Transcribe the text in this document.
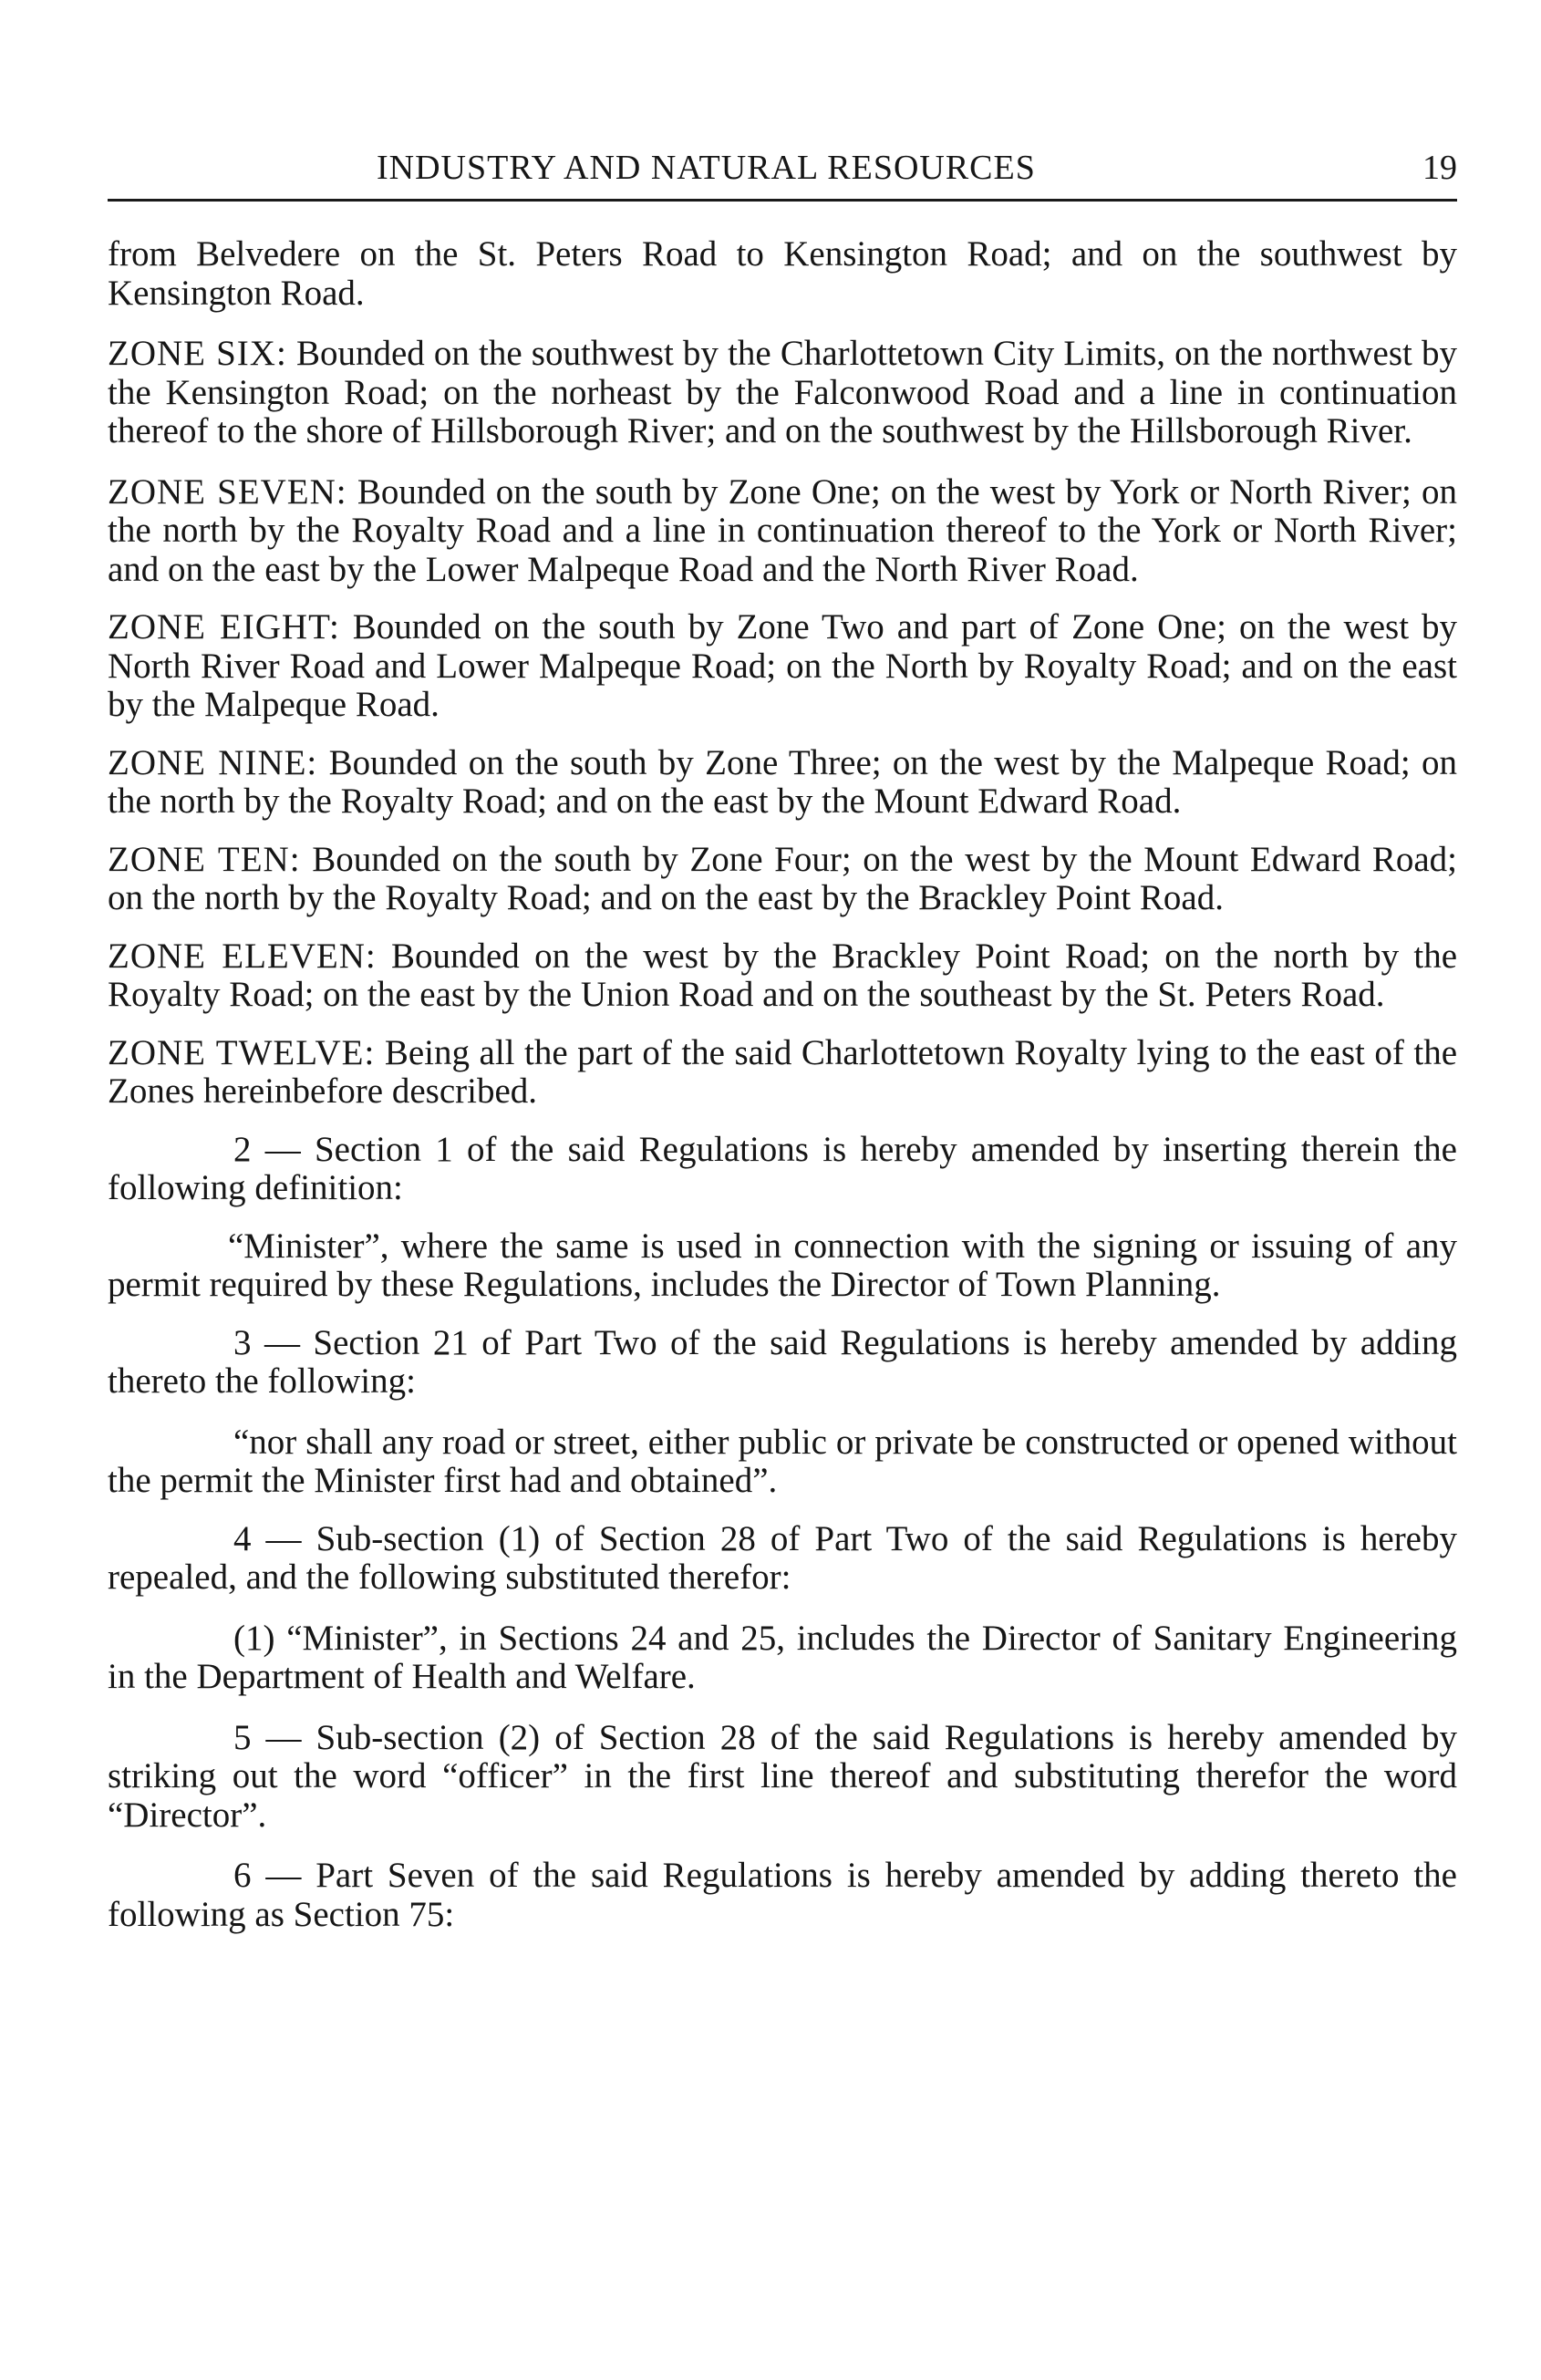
INDUSTRY AND NATURAL RESOURCES	19

from Belvedere on the St. Peters Road to Kensington Road; and on the southwest by Kensington Road.

ZONE SIX: Bounded on the southwest by the Charlottetown City Limits, on the northwest by the Kensington Road; on the norheast by the Falconwood Road and a line in continuation thereof to the shore of Hillsborough River; and on the southwest by the Hillsborough River.

ZONE SEVEN: Bounded on the south by Zone One; on the west by York or North River; on the north by the Royalty Road and a line in continuation thereof to the York or North River; and on the east by the Lower Malpeque Road and the North River Road.

ZONE EIGHT: Bounded on the south by Zone Two and part of Zone One; on the west by North River Road and Lower Malpeque Road; on the North by Royalty Road; and on the east by the Malpeque Road.

ZONE NINE: Bounded on the south by Zone Three; on the west by the Malpeque Road; on the north by the Royalty Road; and on the east by the Mount Edward Road.

ZONE TEN: Bounded on the south by Zone Four; on the west by the Mount Edward Road; on the north by the Royalty Road; and on the east by the Brackley Point Road.

ZONE ELEVEN: Bounded on the west by the Brackley Point Road; on the north by the Royalty Road; on the east by the Union Road and on the southeast by the St. Peters Road.

ZONE TWELVE: Being all the part of the said Charlottetown Royalty lying to the east of the Zones hereinbefore described.

2 — Section 1 of the said Regulations is hereby amended by inserting therein the following definition:

“Minister”, where the same is used in connection with the signing or issuing of any permit required by these Regulations, includes the Director of Town Planning.

3 — Section 21 of Part Two of the said Regulations is hereby amended by adding thereto the following:

“nor shall any road or street, either public or private be constructed or opened without the permit the Minister first had and obtained”.

4 — Sub-section (1) of Section 28 of Part Two of the said Regulations is hereby repealed, and the following substituted therefor:

(1) “Minister”, in Sections 24 and 25, includes the Director of Sanitary Engineering in the Department of Health and Welfare.

5 — Sub-section (2) of Section 28 of the said Regulations is hereby amended by striking out the word “officer” in the first line thereof and substituting therefor the word “Director”.

6 — Part Seven of the said Regulations is hereby amended by adding thereto the following as Section 75:
